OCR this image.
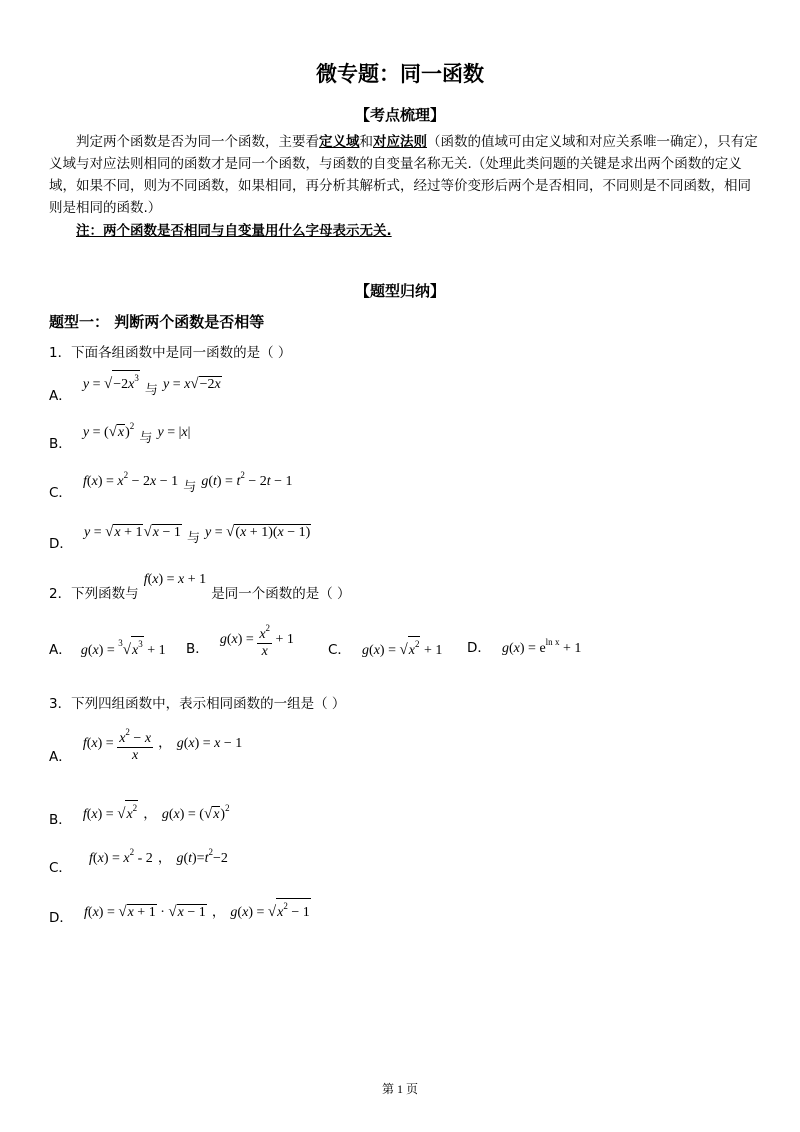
微专题：同一函数
【考点梳理】

判定两个函数是否为同一个函数，主要看定义域和对应法则（函数的值域可由定义域和对应关系唯一确定），只有定义域与对应法则相同的函数才是同一个函数，与函数的自变量名称无关.（处理此类问题的关键是求出两个函数的定义域，如果不同，则为不同函数，如果相同，再分析其解析式，经过等价变形后两个是否相同，不同则是不同函数，相同则是相同的函数.）

注：两个函数是否相同与自变量用什么字母表示无关.
【题型归纳】
题型一： 判断两个函数是否相等
1．下面各组函数中是同一函数的是（ ）
$_{A.}$ $y = √-2x^3$ $_与$ y = x√−2x
$_{B.}$ $y = (√x)^2$ $_与$ y = |x|
$_{C.}$ $f(x) = x^2 - 2x - 1$ $_与$ $g(t) = t^2 - 2t - 1$
$_{D.}$ y = √x + 1√x − 1 $_与$ y = √(x + 1)(x − 1)
$_{2.下列函数与}$ f(x) = x + 1 $_{是同一个函数的是( )}$
A． $g(x) = ^3√x^3 + 1$ $_{B.}$ $g(x) = \frac{x^2}{x} + 1$
C． $g(x) = √x^2 + 1$ D． $g(x) = e^{ln x} + 1$
3．下列四组函数中，表示相同函数的一组是（ ）
$_{A.}$ $f(x) = \frac{x^2 - x}{x}$ ， g(x) = x − 1
$_{B.}$ $f(x) = √x^2$ ， $g(x) = (√x)^2$
$_{C.}$ $f(x) = x^2 - 2$ ， $g(t)=t^2-2$
$_{D.}$ f(x) = √x + 1 · √x − 1 ， $g(x) = √x^2 - 1$
第 1 页
